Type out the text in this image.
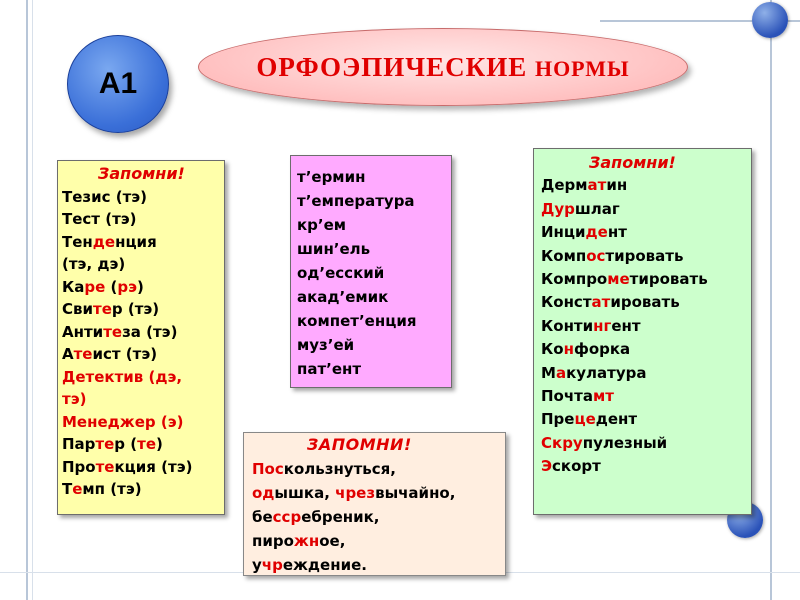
А1
ОРФОЭПИЧЕСКИЕ НОРМЫ
Запомни!
Тезис (тэ)
Тест (тэ)
Тенденция
(тэ, дэ)
Каре (рэ)
Свитер (тэ)
Антитеза (тэ)
Атеист (тэ)
Детектив (дэ,
тэ)
Менеджер (э)
Партер (те)
Протекция (тэ)
Темп (тэ)
т’ермин
т’емпература
кр’ем
шин’ель
од’есский
акад’емик
компет’енция
муз’ей
пат’ент
Запомни!
Дерматин
Дуршлаг
Инцидент
Компостировать
Компрометировать
Констатировать
Контингент
Конфорка
Макулатура
Почтамт
Прецедент
Скрупулезный
Эскорт
ЗАПОМНИ!
Поскользнуться,
одышка, чрезвычайно,
бессребреник,
пирожное,
учреждение.
